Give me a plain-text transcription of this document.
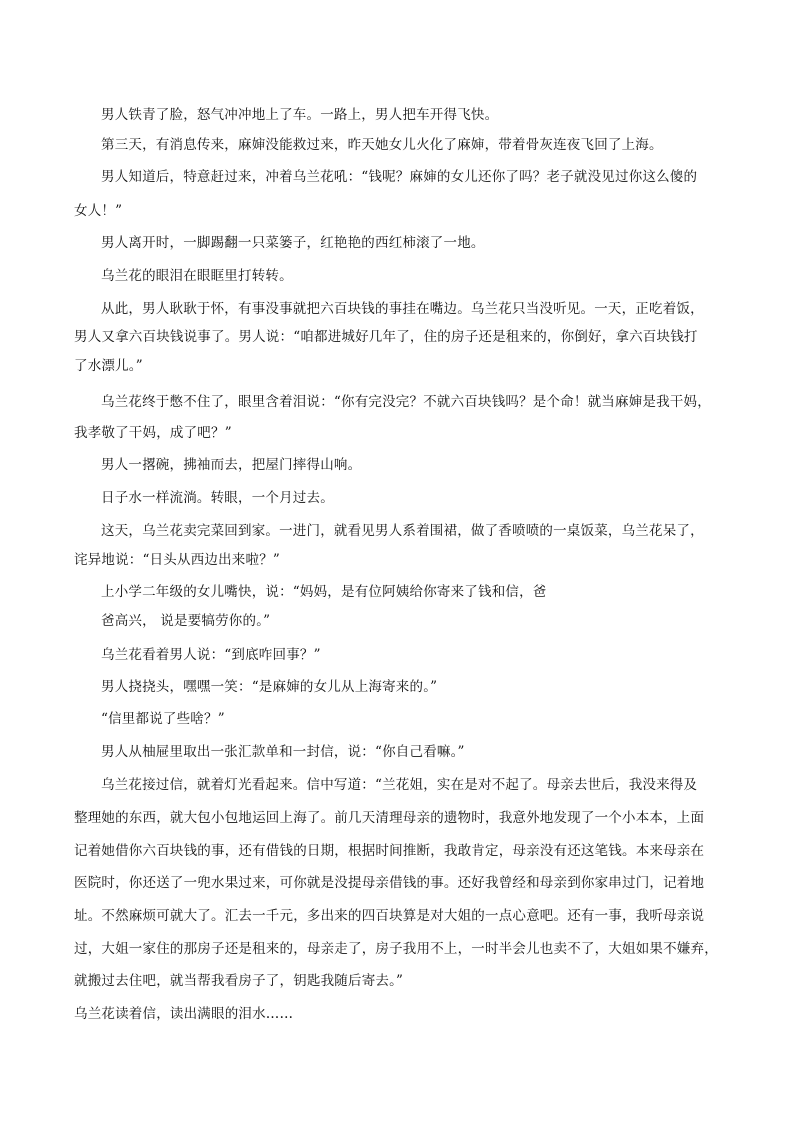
男人铁青了脸，怒气冲冲地上了车。一路上，男人把车开得飞快。
第三天，有消息传来，麻婶没能救过来，昨天她女儿火化了麻婶，带着骨灰连夜飞回了上海。
男人知道后，特意赶过来，冲着乌兰花吼：“钱呢？麻婶的女儿还你了吗？老子就没见过你这么傻的
女人！”
男人离开时，一脚踢翻一只菜篓子，红艳艳的西红柿滚了一地。
乌兰花的眼泪在眼眶里打转转。
从此，男人耿耿于怀，有事没事就把六百块钱的事挂在嘴边。乌兰花只当没听见。一天，正吃着饭，
男人又拿六百块钱说事了。男人说：“咱都进城好几年了，住的房子还是租来的，你倒好，拿六百块钱打
了水漂儿。”
乌兰花终于憋不住了，眼里含着泪说：“你有完没完？不就六百块钱吗？是个命！就当麻婶是我干妈，
我孝敬了干妈，成了吧？”
男人一撂碗，拂袖而去，把屋门摔得山响。
日子水一样流淌。转眼，一个月过去。
这天，乌兰花卖完菜回到家。一进门，就看见男人系着围裙，做了香喷喷的一桌饭菜，乌兰花呆了，
诧异地说：“日头从西边出来啦？”
上小学二年级的女儿嘴快，说：“妈妈，是有位阿姨给你寄来了钱和信，爸
爸高兴， 说是要犒劳你的。”
乌兰花看着男人说：“到底咋回事？”
男人挠挠头，嘿嘿一笑：“是麻婶的女儿从上海寄来的。”
“信里都说了些啥？”
男人从柚屉里取出一张汇款单和一封信，说：“你自己看嘛。”
乌兰花接过信，就着灯光看起来。信中写道：“兰花姐，实在是对不起了。母亲去世后，我没来得及
整理她的东西，就大包小包地运回上海了。前几天清理母亲的遗物时，我意外地发现了一个小本本，上面
记着她借你六百块钱的事，还有借钱的日期，根据时间推断，我敢肯定，母亲没有还这笔钱。本来母亲在
医院时，你还送了一兜水果过来，可你就是没提母亲借钱的事。还好我曾经和母亲到你家串过门，记着地
址。不然麻烦可就大了。汇去一千元，多出来的四百块算是对大姐的一点心意吧。还有一事，我听母亲说
过，大姐一家住的那房子还是租来的，母亲走了，房子我用不上，一时半会儿也卖不了，大姐如果不嫌弃，
就搬过去住吧，就当帮我看房子了，钥匙我随后寄去。”
乌兰花读着信，读出满眼的泪水……
